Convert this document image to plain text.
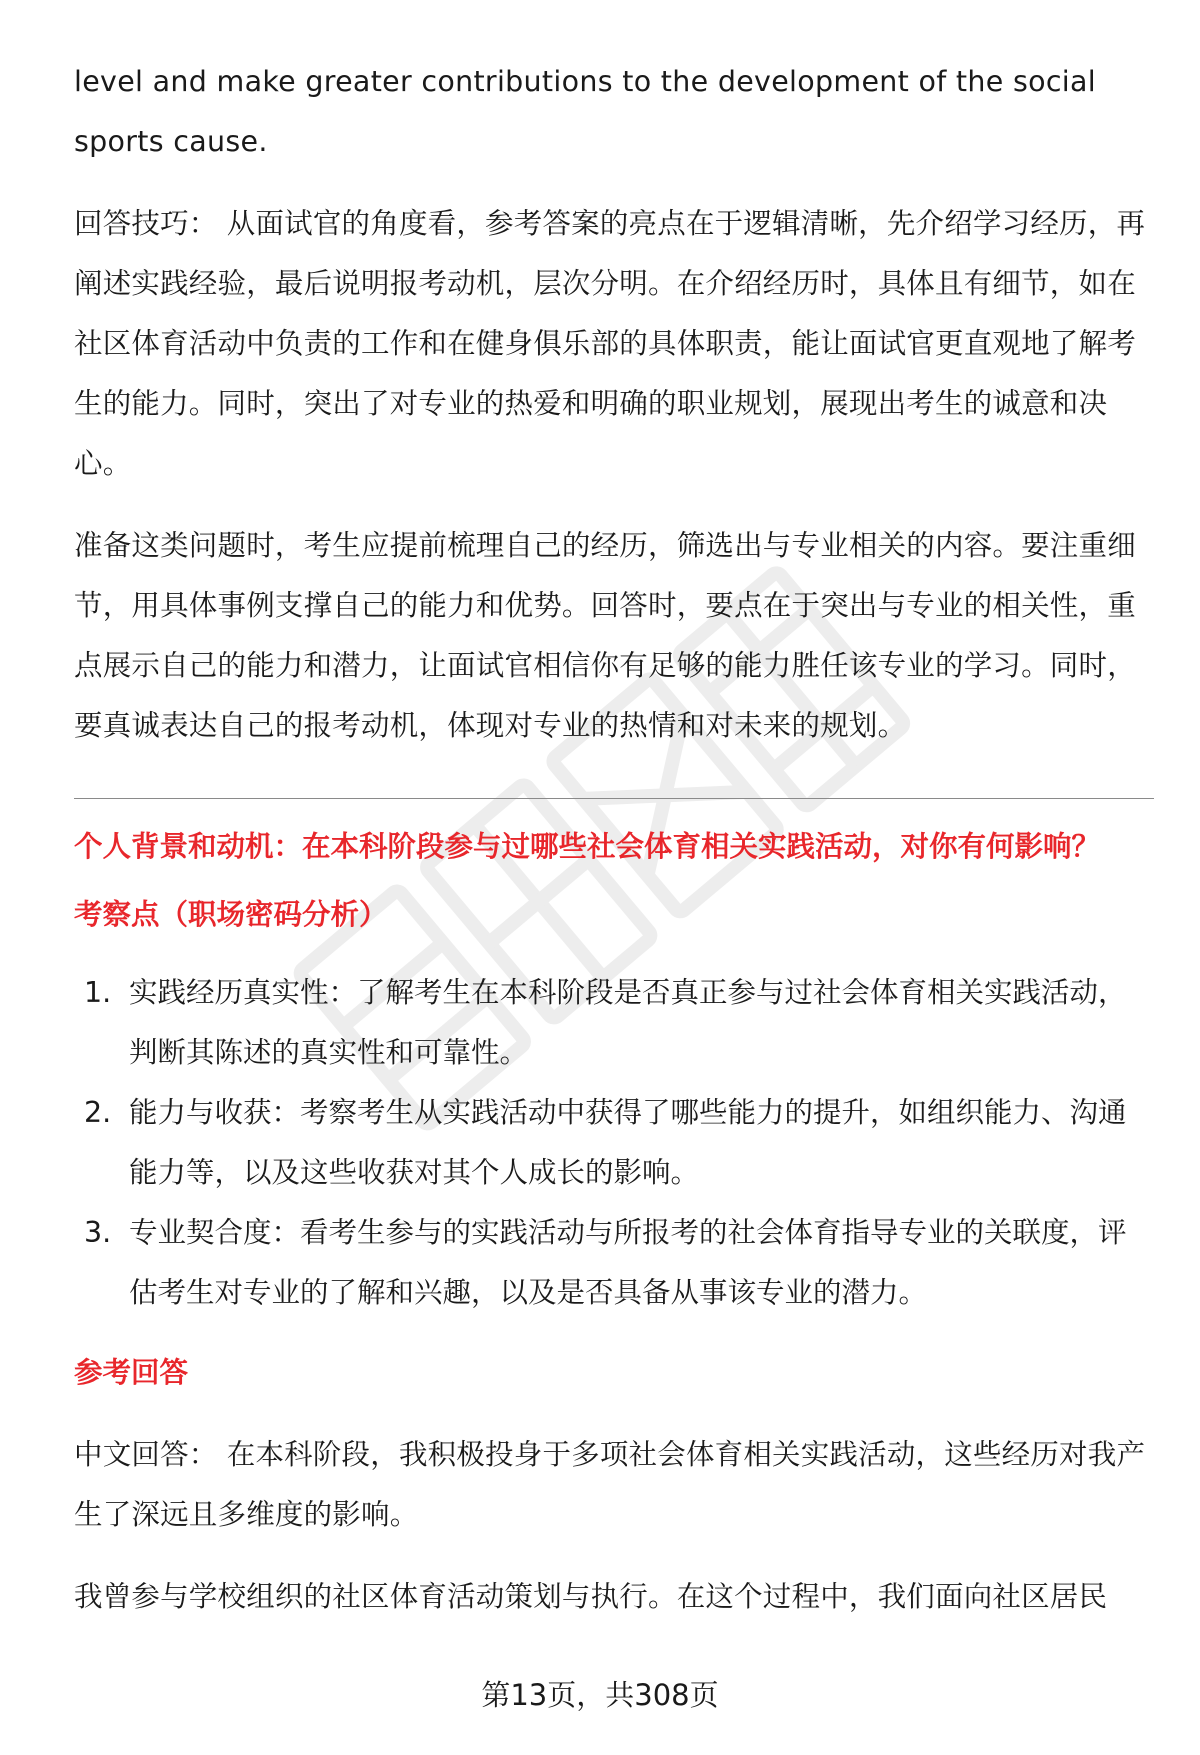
level and make greater contributions to the development of the social sports cause.

回答技巧： 从面试官的角度看，参考答案的亮点在于逻辑清晰，先介绍学习经历，再阐述实践经验，最后说明报考动机，层次分明。在介绍经历时，具体且有细节，如在社区体育活动中负责的工作和在健身俱乐部的具体职责，能让面试官更直观地了解考生的能力。同时，突出了对专业的热爱和明确的职业规划，展现出考生的诚意和决心。

准备这类问题时，考生应提前梳理自己的经历，筛选出与专业相关的内容。要注重细节，用具体事例支撑自己的能力和优势。回答时，要点在于突出与专业的相关性，重点展示自己的能力和潜力，让面试官相信你有足够的能力胜任该专业的学习。同时，要真诚表达自己的报考动机，体现对专业的热情和对未来的规划。

个人背景和动机：在本科阶段参与过哪些社会体育相关实践活动，对你有何影响？
考察点（职场密码分析）
1. 实践经历真实性：了解考生在本科阶段是否真正参与过社会体育相关实践活动，判断其陈述的真实性和可靠性。
2. 能力与收获：考察考生从实践活动中获得了哪些能力的提升，如组织能力、沟通能力等，以及这些收获对其个人成长的影响。
3. 专业契合度：看考生参与的实践活动与所报考的社会体育指导专业的关联度，评估考生对专业的了解和兴趣，以及是否具备从事该专业的潜力。
参考回答

中文回答： 在本科阶段，我积极投身于多项社会体育相关实践活动，这些经历对我产生了深远且多维度的影响。

我曾参与学校组织的社区体育活动策划与执行。在这个过程中，我们面向社区居民

第13页，共308页
